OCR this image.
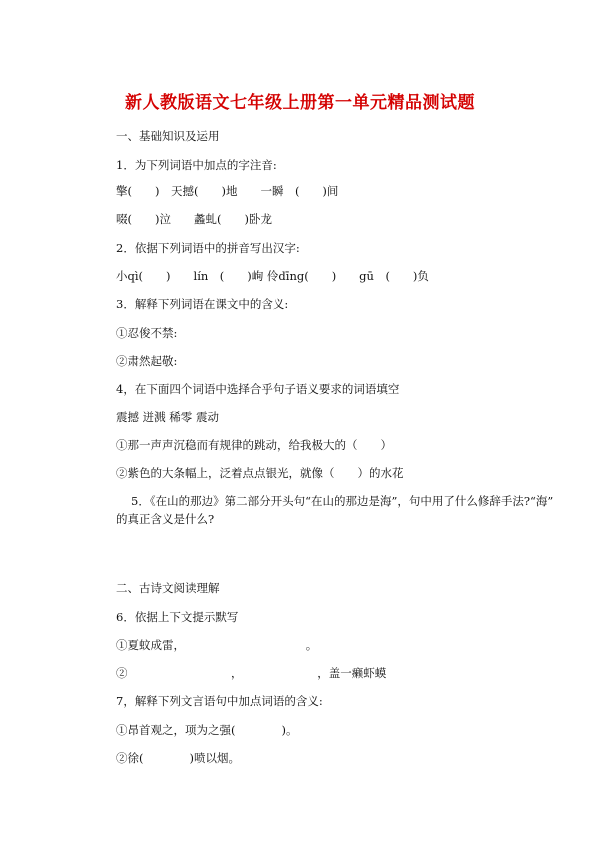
新人教版语文七年级上册第一单元精品测试题
一、基础知识及运用
1．为下列词语中加点的字注音:
擎(　　)　天撼(　　)地　　一瞬　(　　)间
啜(　　)泣　　蠡虬(　　)卧龙
2．依据下列词语中的拼音写出汉字:
小qì(　　)　　lín　(　　)峋 伶dīng(　　)　　gū　(　　)负
3．解释下列词语在课文中的含义:
①忍俊不禁:
②肃然起敬:
4，在下面四个词语中选择合乎句子语义要求的词语填空
震撼 迸溅 稀零 震动
①那一声声沉稳而有规律的跳动，给我极大的（　　）
②紫色的大条幅上，泛着点点银光，就像（　　）的水花
5．《在山的那边》第二部分开头句“在山的那边是海”，句中用了什么修辞手法?“海”
的真正含义是什么?
二、古诗文阅读理解
6．依据上下文提示默写
①夏蚊成雷，　　　　　　　　　　　。
②　　　　　　　　　，　　　　　　　，盖一癞虾蟆
7，解释下列文言语句中加点词语的含义:
①昂首观之，项为之强(　　　　)。
②徐(　　　　)喷以烟。
